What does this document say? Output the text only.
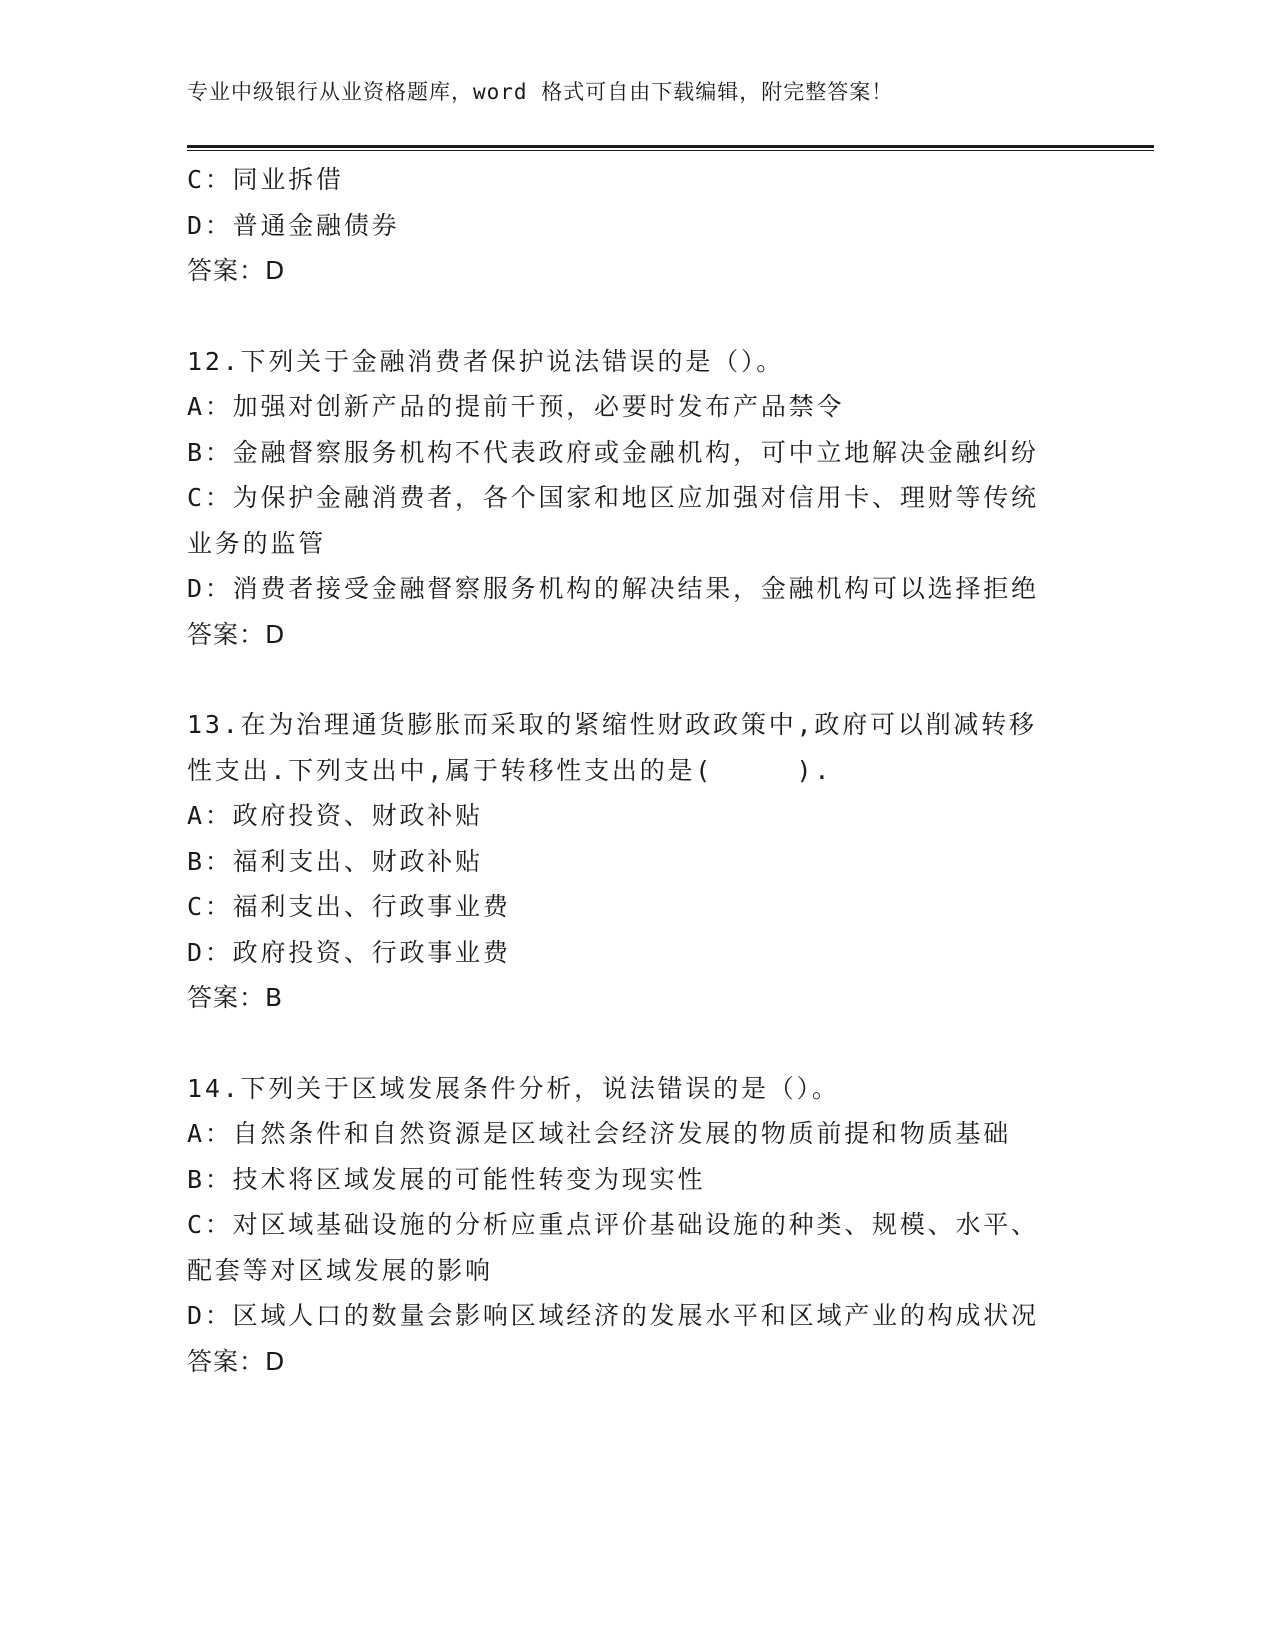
专业中级银行从业资格题库，word 格式可自由下载编辑，附完整答案！
C：同业拆借
D：普通金融债券
答案：D
12.下列关于金融消费者保护说法错误的是（）。
A：加强对创新产品的提前干预，必要时发布产品禁令
B：金融督察服务机构不代表政府或金融机构，可中立地解决金融纠纷
C：为保护金融消费者，各个国家和地区应加强对信用卡、理财等传统
业务的监管
D：消费者接受金融督察服务机构的解决结果，金融机构可以选择拒绝
答案：D
13.在为治理通货膨胀而采取的紧缩性财政政策中,政府可以削减转移
性支出.下列支出中,属于转移性支出的是(　　　).
A：政府投资、财政补贴
B：福利支出、财政补贴
C：福利支出、行政事业费
D：政府投资、行政事业费
答案：B
14.下列关于区域发展条件分析，说法错误的是（）。
A：自然条件和自然资源是区域社会经济发展的物质前提和物质基础
B：技术将区域发展的可能性转变为现实性
C：对区域基础设施的分析应重点评价基础设施的种类、规模、水平、
配套等对区域发展的影响
D：区域人口的数量会影响区域经济的发展水平和区域产业的构成状况
答案：D
